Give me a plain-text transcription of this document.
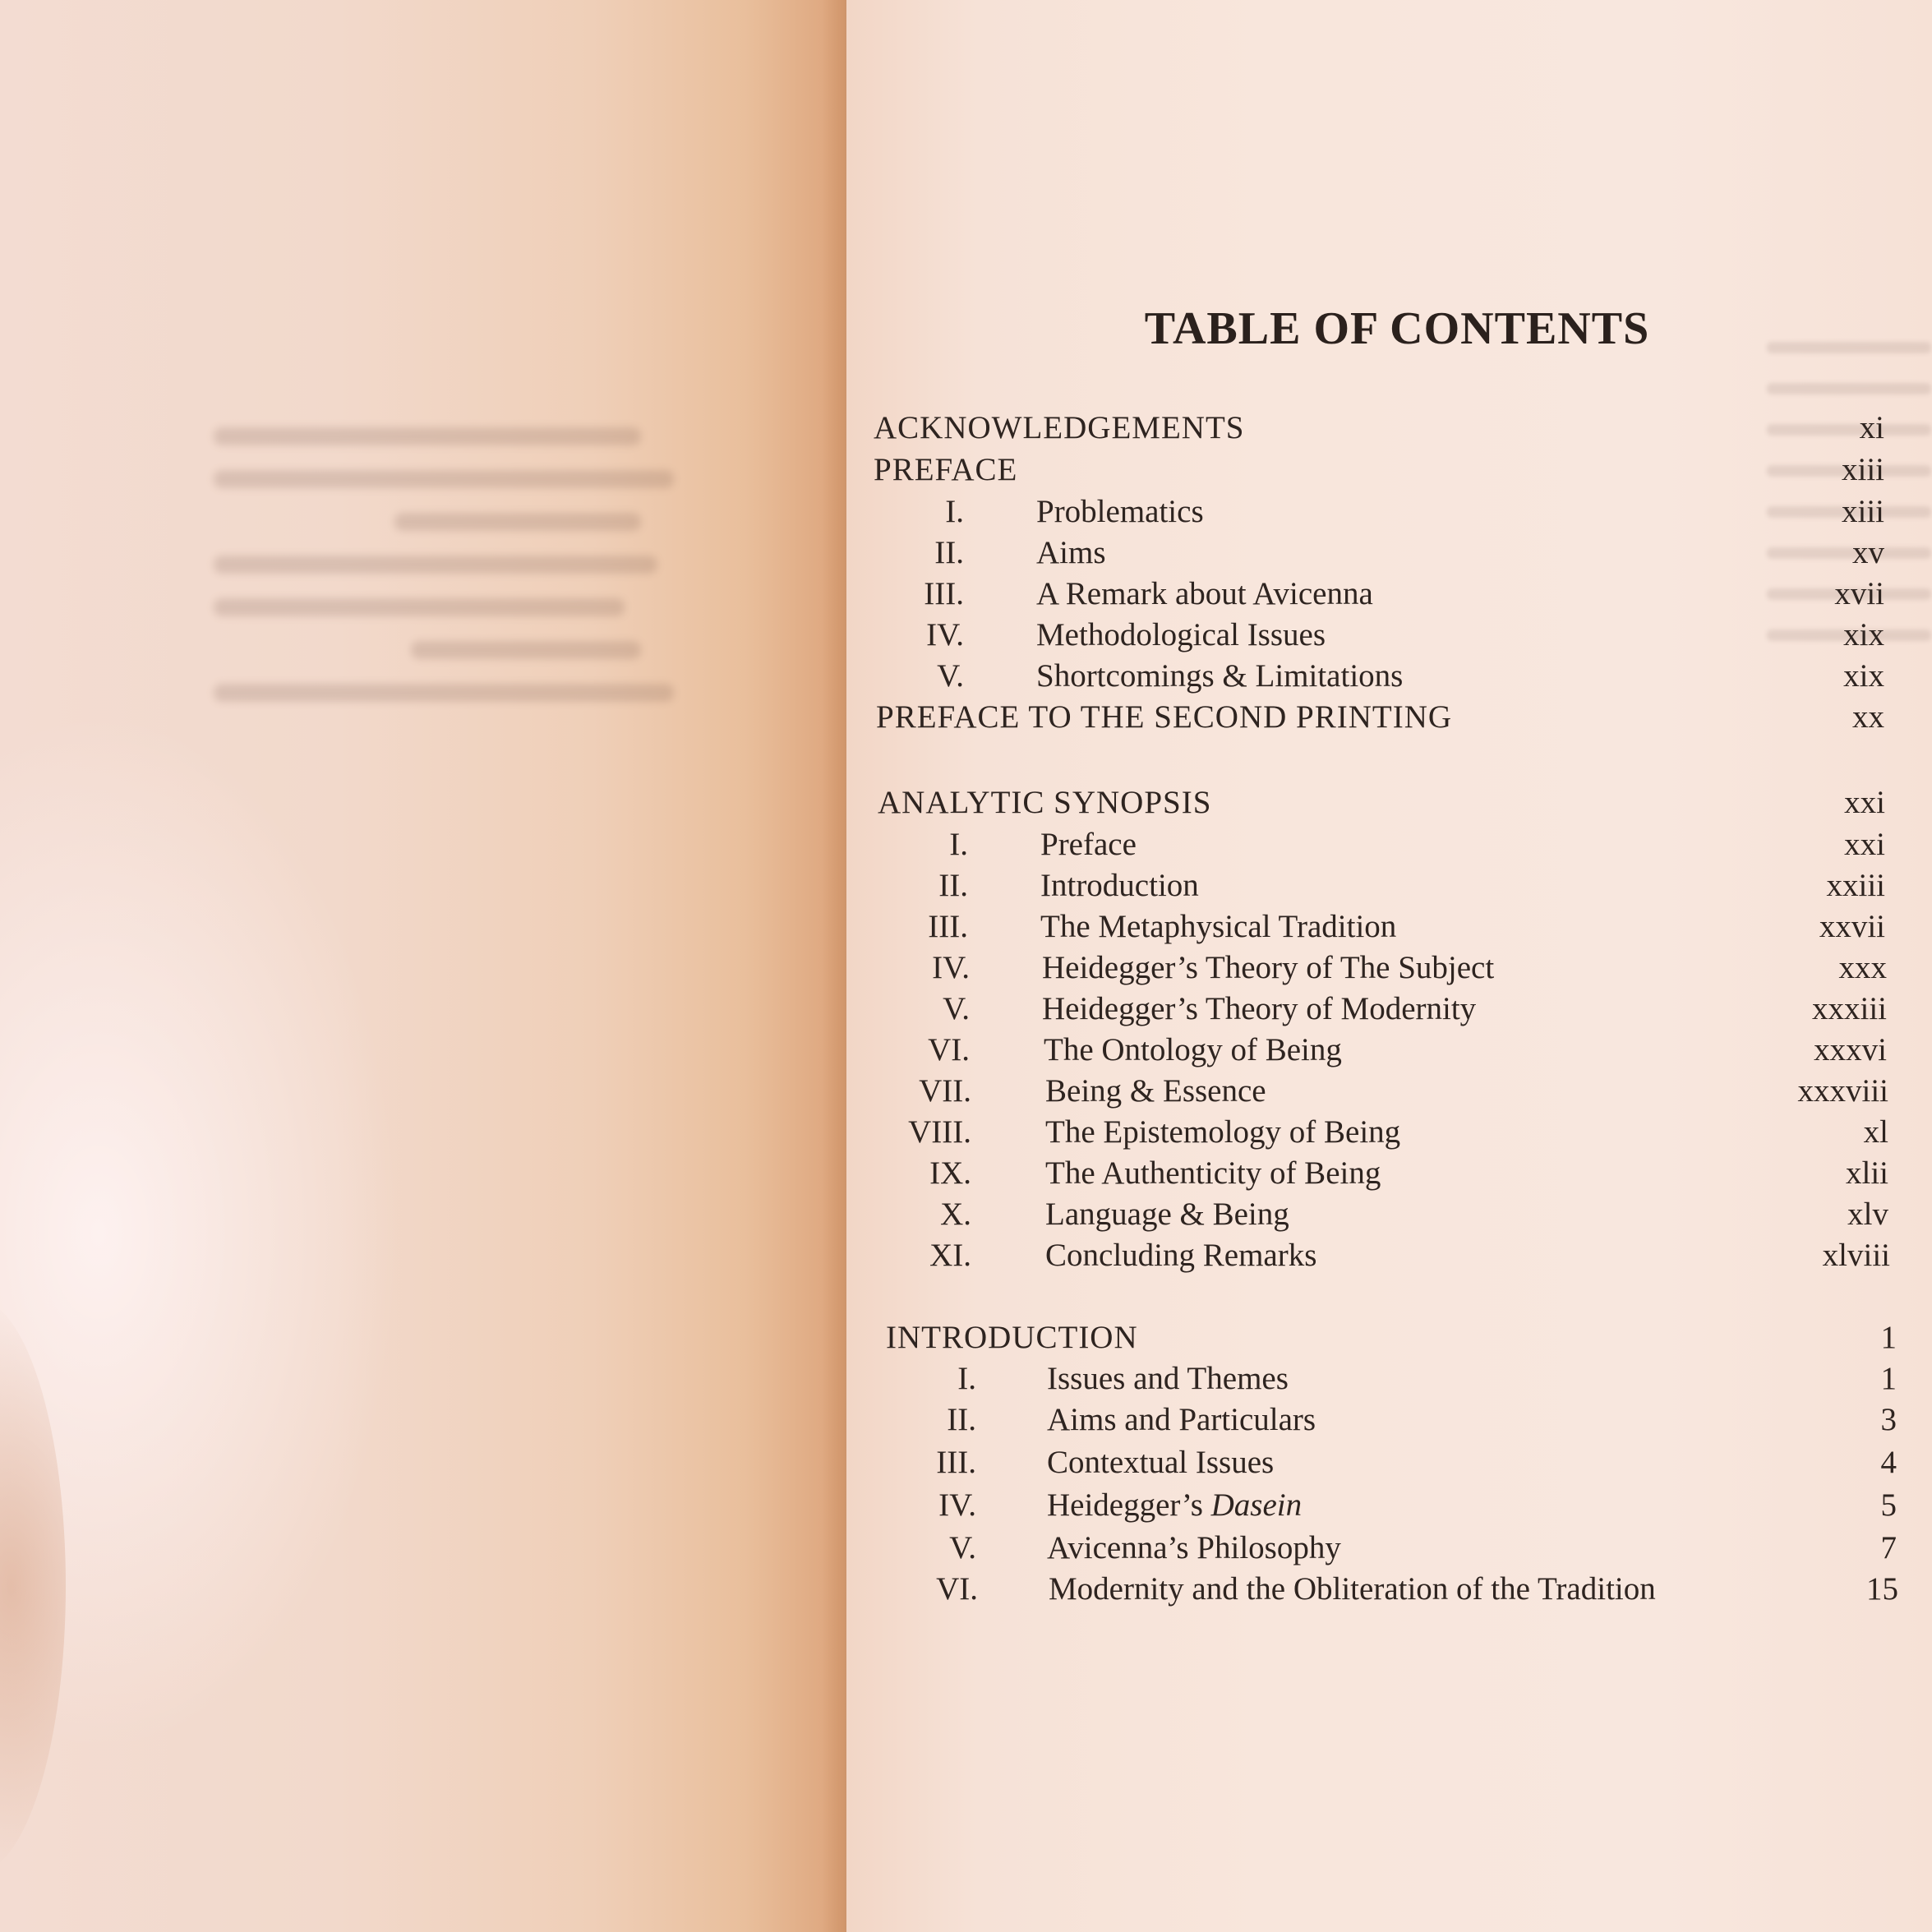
TABLE OF CONTENTS
ACKNOWLEDGEMENTS	xi
PREFACE	xiii
I. Problematics	xiii
II. Aims	xv
III. A Remark about Avicenna	xvii
IV. Methodological Issues	xix
V. Shortcomings & Limitations	xix
PREFACE TO THE SECOND PRINTING	xx
ANALYTIC SYNOPSIS	xxi
I. Preface	xxi
II. Introduction	xxiii
III. The Metaphysical Tradition	xxvii
IV. Heidegger’s Theory of The Subject	xxx
V. Heidegger’s Theory of Modernity	xxxiii
VI. The Ontology of Being	xxxvi
VII. Being & Essence	xxxviii
VIII. The Epistemology of Being	xl
IX. The Authenticity of Being	xlii
X. Language & Being	xlv
XI. Concluding Remarks	xlviii
INTRODUCTION	1
I. Issues and Themes	1
II. Aims and Particulars	3
III. Contextual Issues	4
IV. Heidegger’s Dasein	5
V. Avicenna’s Philosophy	7
VI. Modernity and the Obliteration of the Tradition	15
